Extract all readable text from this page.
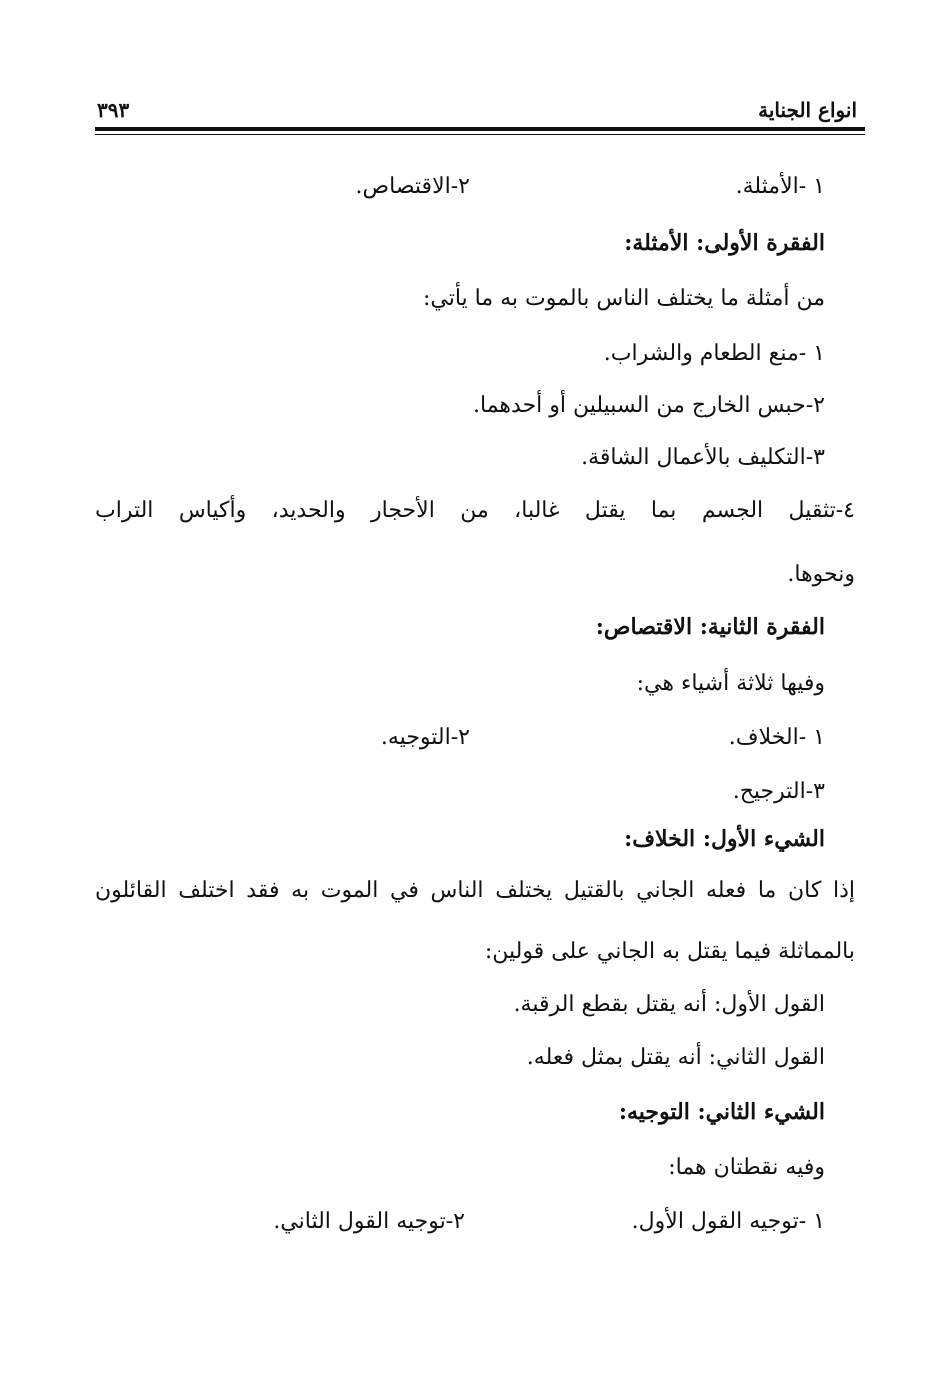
انواع الجناية
٣٩٣
١ -الأمثلة.
٢-الاقتصاص.
الفقرة الأولى: الأمثلة:
من أمثلة ما يختلف الناس بالموت به ما يأتي:
١ -منع الطعام والشراب.
٢-حبس الخارج من السبيلين أو أحدهما.
٣-التكليف بالأعمال الشاقة.
٤-تثقيل الجسم بما يقتل غالبا، من الأحجار والحديد، وأكياس التراب
ونحوها.
الفقرة الثانية: الاقتصاص:
وفيها ثلاثة أشياء هي:
١ -الخلاف.
٢-التوجيه.
٣-الترجيح.
الشيء الأول: الخلاف:
إذا كان ما فعله الجاني بالقتيل يختلف الناس في الموت به فقد اختلف القائلون
بالمماثلة فيما يقتل به الجاني على قولين:
القول الأول: أنه يقتل بقطع الرقبة.
القول الثاني: أنه يقتل بمثل فعله.
الشيء الثاني: التوجيه:
وفيه نقطتان هما:
١ -توجيه القول الأول.
٢-توجيه القول الثاني.
